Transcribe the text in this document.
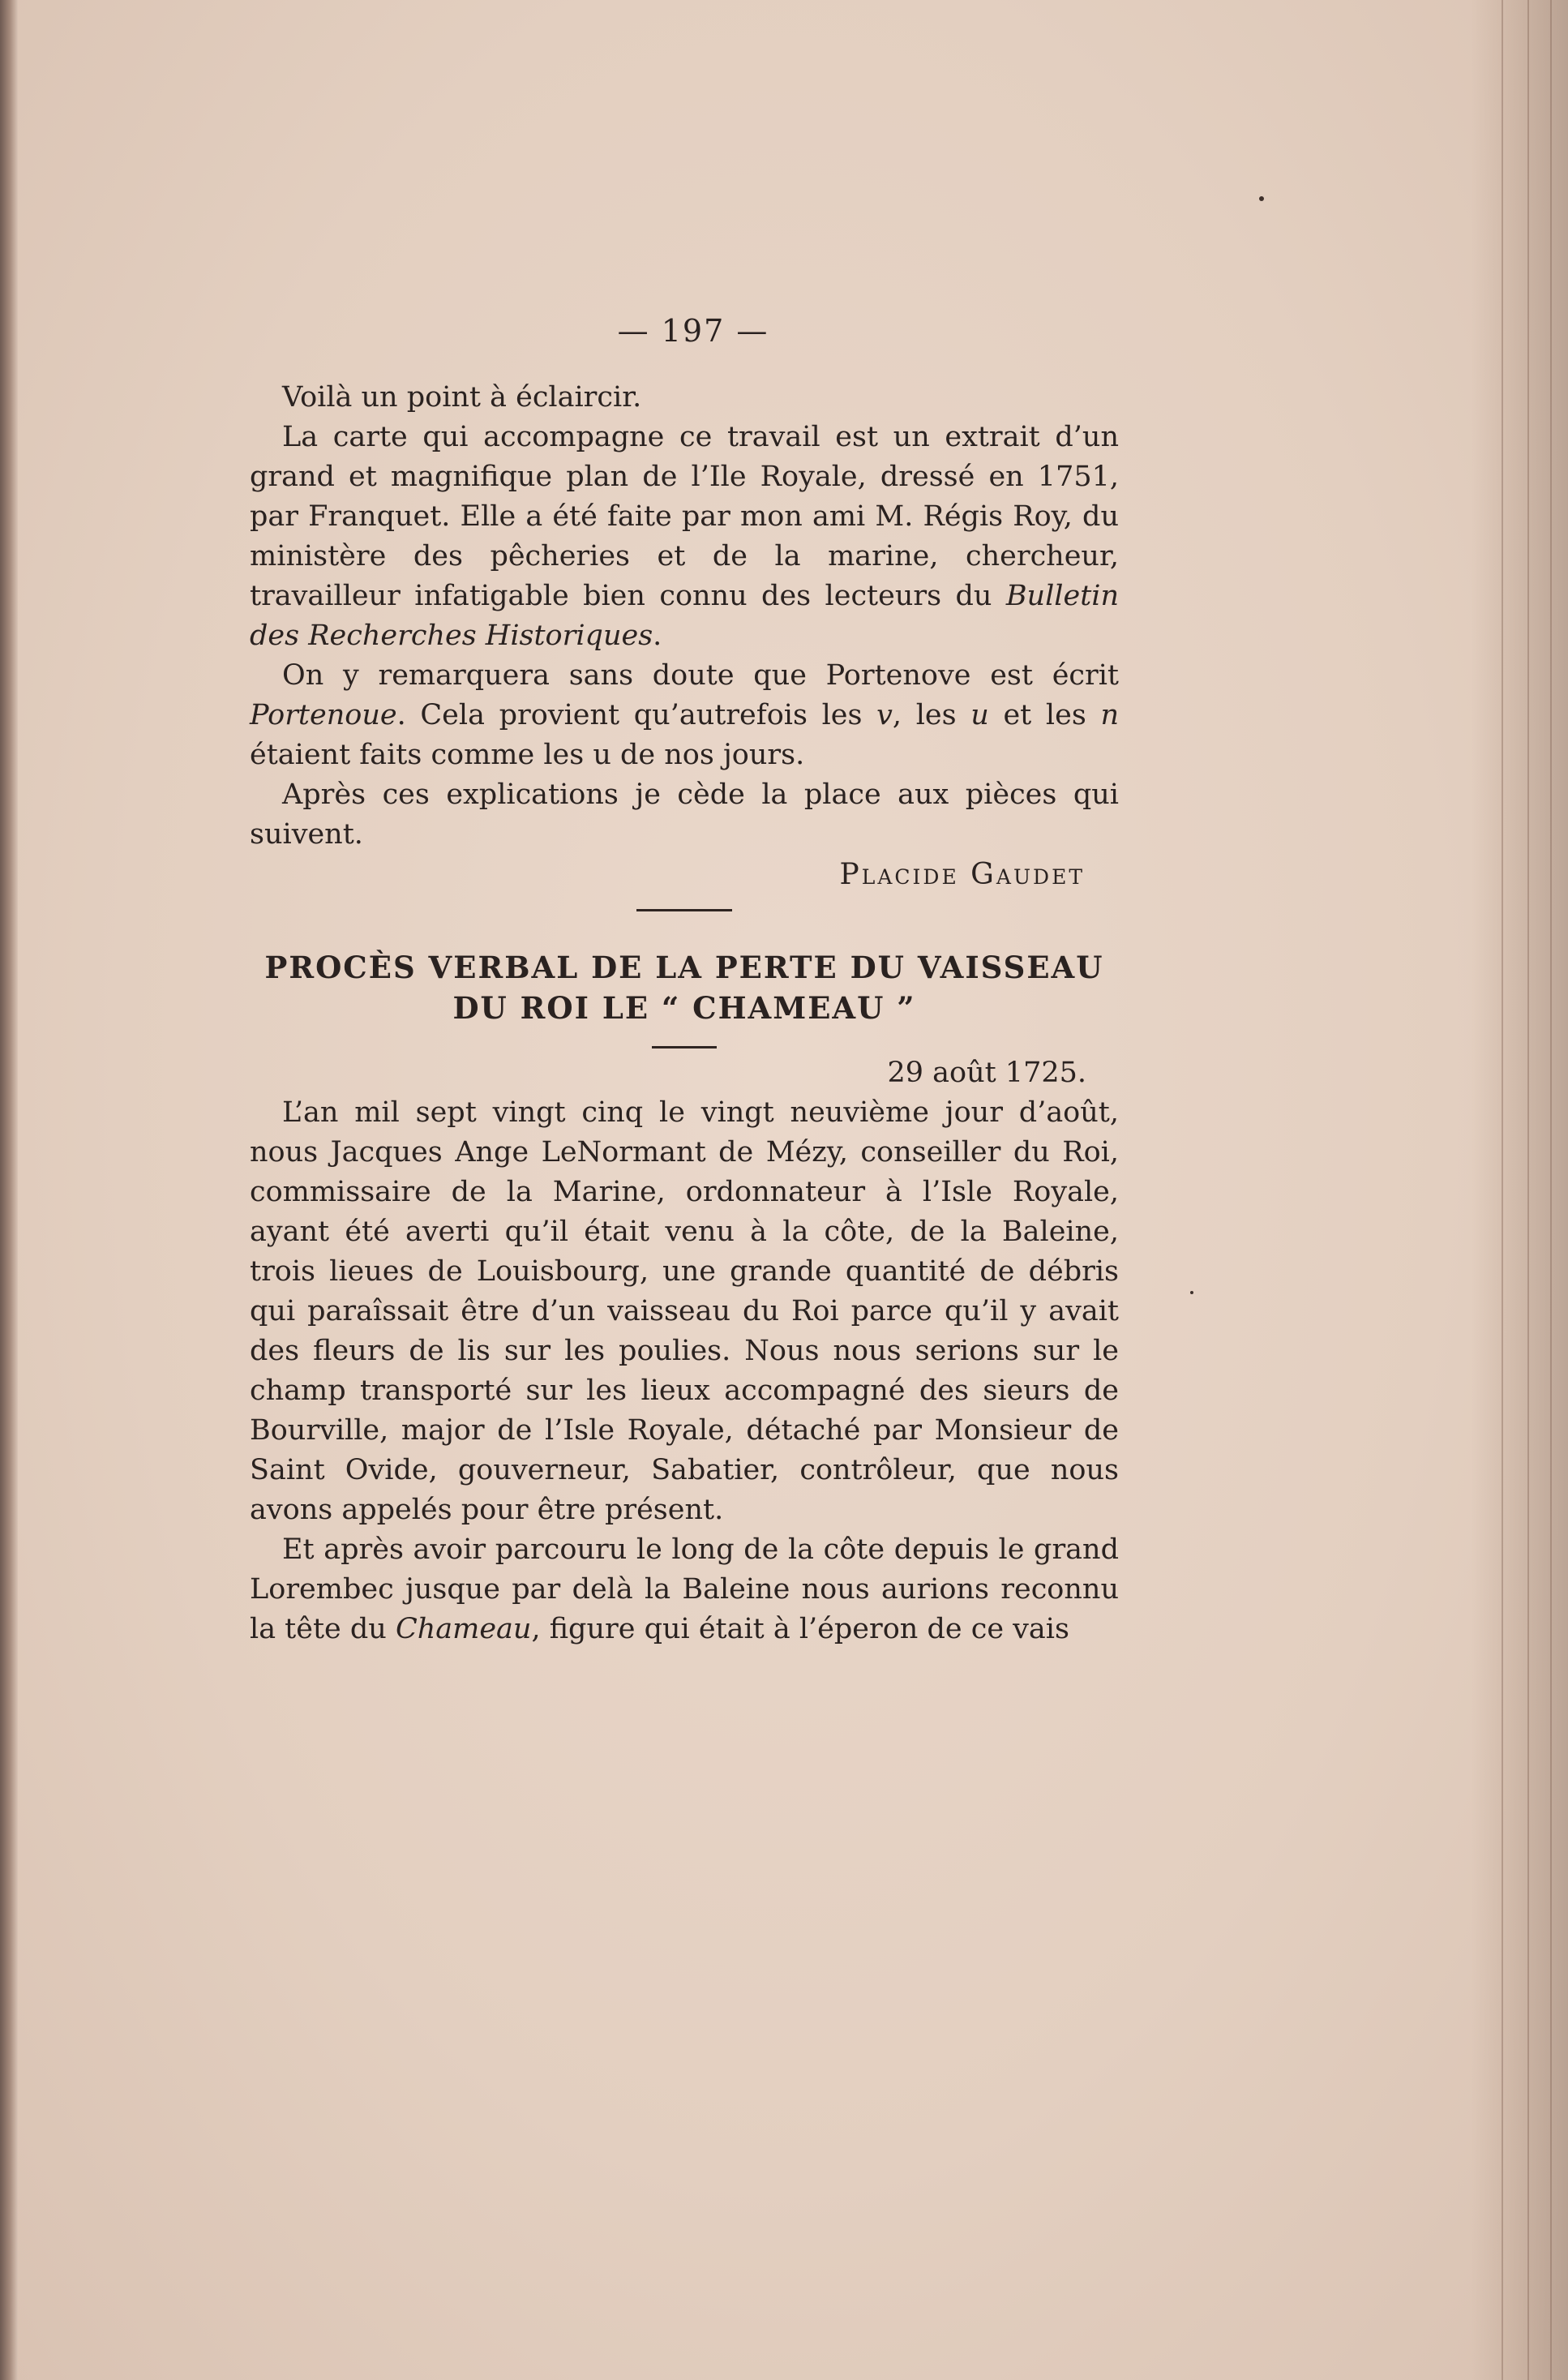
— 197 —

Voilà un point à éclaircir.

La carte qui accompagne ce travail est un extrait d’un grand et magnifique plan de l’Ile Royale, dressé en 1751, par Franquet. Elle a été faite par mon ami M. Régis Roy, du ministère des pêcheries et de la marine, chercheur, travailleur infatigable bien connu des lecteurs du Bulletin des Recherches Historiques.

On y remarquera sans doute que Portenove est écrit Portenoue. Cela provient qu’autrefois les v, les u et les n étaient faits comme les u de nos jours.

Après ces explications je cède la place aux pièces qui suivent.

Placide Gaudet

PROCÈS VERBAL DE LA PERTE DU VAISSEAU
DU ROI LE “ CHAMEAU ”

29 août 1725.

L’an mil sept vingt cinq le vingt neuvième jour d’août, nous Jacques Ange LeNormant de Mézy, conseiller du Roi, commissaire de la Marine, ordonnateur à l’Isle Royale, ayant été averti qu’il était venu à la côte, de la Baleine, trois lieues de Louisbourg, une grande quantité de débris qui paraîssait être d’un vaisseau du Roi parce qu’il y avait des fleurs de lis sur les poulies. Nous nous serions sur le champ transporté sur les lieux accompagné des sieurs de Bourville, major de l’Isle Royale, détaché par Monsieur de Saint Ovide, gouverneur, Sabatier, contrôleur, que nous avons appelés pour être présent.

Et après avoir parcouru le long de la côte depuis le grand Lorembec jusque par delà la Baleine nous aurions reconnu la tête du Chameau, figure qui était à l’éperon de ce vais
